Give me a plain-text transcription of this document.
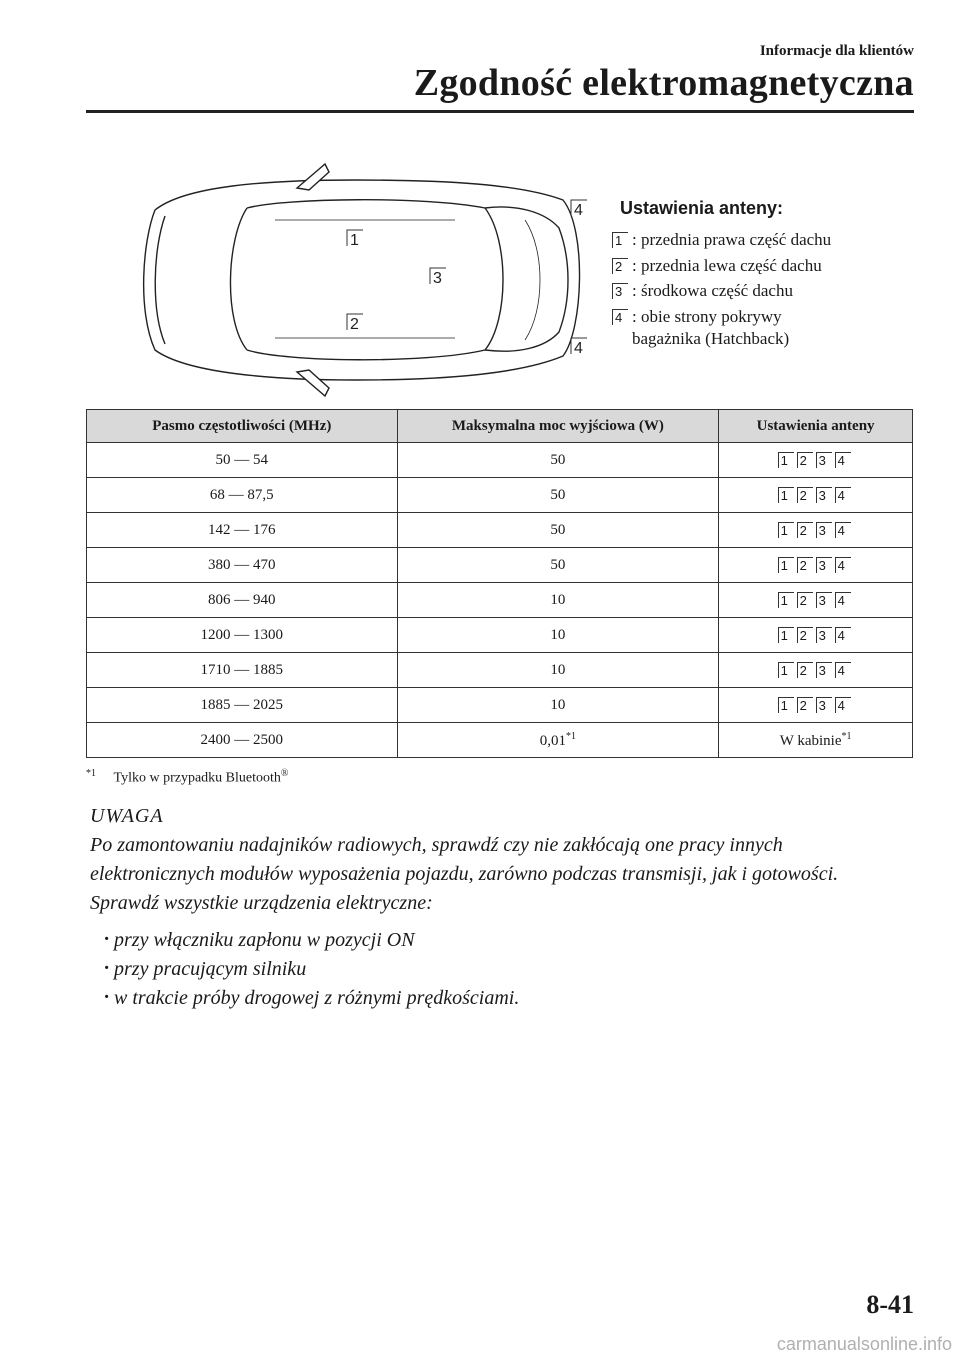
Informacje dla klientów
Zgodność elektromagnetyczna
1
2
3
4
4
Ustawienia anteny:
1 : przednia prawa część dachu
2 : przednia lewa część dachu
3 : środkowa część dachu
4 : obie strony pokrywy
bagażnika (Hatchback)
Pasmo częstotliwości (MHz)	Maksymalna moc wyjściowa (W)	Ustawienia anteny
50 — 54	50	1 2 3 4

68 — 87,5	50	1 2 3 4

142 — 176	50	1 2 3 4

380 — 470	50	1 2 3 4

806 — 940	10	1 2 3 4

1200 — 1300	10	1 2 3 4

1710 — 1885	10	1 2 3 4

1885 — 2025	10	1 2 3 4

2400 — 2500	0,01$^{*1}$	W kabinie$^{*1}$
$^{*1}$ Tylko w przypadku Bluetooth®
UWAGA
Po zamontowaniu nadajników radiowych, sprawdź czy nie zakłócają one pracy innych elektronicznych modułów wyposażenia pojazdu, zarówno podczas transmisji, jak i gotowości.
Sprawdź wszystkie urządzenia elektryczne:
· przy włączniku zapłonu w pozycji ON
· przy pracującym silniku
· w trakcie próby drogowej z różnymi prędkościami.
8-41
carmanualsonline.info
